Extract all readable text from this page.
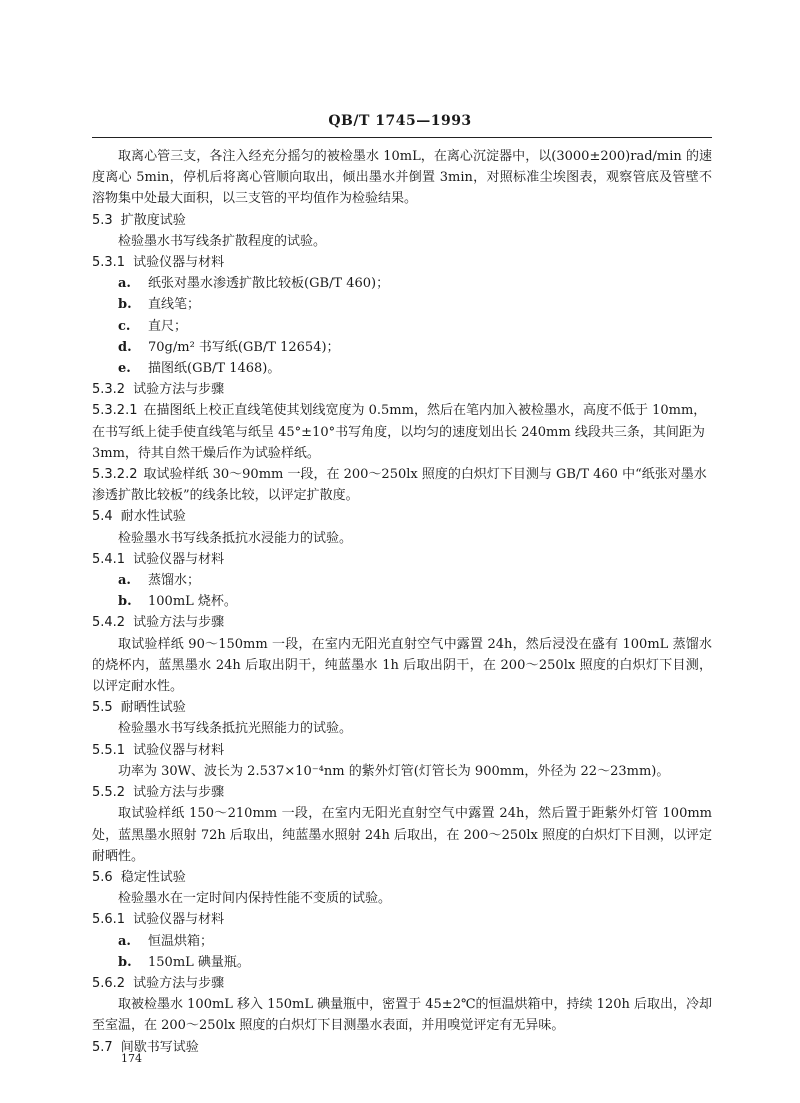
QB/T 1745—1993

取离心管三支，各注入经充分摇匀的被检墨水 10mL，在离心沉淀器中，以(3000±200)rad/min 的速度离心 5min，停机后将离心管顺向取出，倾出墨水并倒置 3min，对照标准尘埃图表，观察管底及管壁不溶物集中处最大面积，以三支管的平均值作为检验结果。

5.3 扩散度试验

检验墨水书写线条扩散程度的试验。

5.3.1 试验仪器与材料

a. 纸张对墨水渗透扩散比较板(GB/T 460)；

b. 直线笔；

c. 直尺；

d. 70g/m² 书写纸(GB/T 12654)；

e. 描图纸(GB/T 1468)。

5.3.2 试验方法与步骤

5.3.2.1 在描图纸上校正直线笔使其划线宽度为 0.5mm，然后在笔内加入被检墨水，高度不低于 10mm，在书写纸上徒手使直线笔与纸呈 45°±10°书写角度，以均匀的速度划出长 240mm 线段共三条，其间距为 3mm，待其自然干燥后作为试验样纸。

5.3.2.2 取试验样纸 30～90mm 一段，在 200～250lx 照度的白炽灯下目测与 GB/T 460 中“纸张对墨水渗透扩散比较板”的线条比较，以评定扩散度。

5.4 耐水性试验

检验墨水书写线条抵抗水浸能力的试验。

5.4.1 试验仪器与材料

a. 蒸馏水；

b. 100mL 烧杯。

5.4.2 试验方法与步骤

取试验样纸 90～150mm 一段，在室内无阳光直射空气中露置 24h，然后浸没在盛有 100mL 蒸馏水的烧杯内，蓝黑墨水 24h 后取出阴干，纯蓝墨水 1h 后取出阴干，在 200～250lx 照度的白炽灯下目测，以评定耐水性。

5.5 耐晒性试验

检验墨水书写线条抵抗光照能力的试验。

5.5.1 试验仪器与材料

功率为 30W、波长为 2.537×10⁻⁴nm 的紫外灯管(灯管长为 900mm，外径为 22～23mm)。

5.5.2 试验方法与步骤

取试验样纸 150～210mm 一段，在室内无阳光直射空气中露置 24h，然后置于距紫外灯管 100mm 处，蓝黑墨水照射 72h 后取出，纯蓝墨水照射 24h 后取出，在 200～250lx 照度的白炽灯下目测，以评定耐晒性。

5.6 稳定性试验

检验墨水在一定时间内保持性能不变质的试验。

5.6.1 试验仪器与材料

a. 恒温烘箱；

b. 150mL 碘量瓶。

5.6.2 试验方法与步骤

取被检墨水 100mL 移入 150mL 碘量瓶中，密置于 45±2℃的恒温烘箱中，持续 120h 后取出，冷却至室温，在 200～250lx 照度的白炽灯下目测墨水表面，并用嗅觉评定有无异味。

5.7 间歇书写试验

174
